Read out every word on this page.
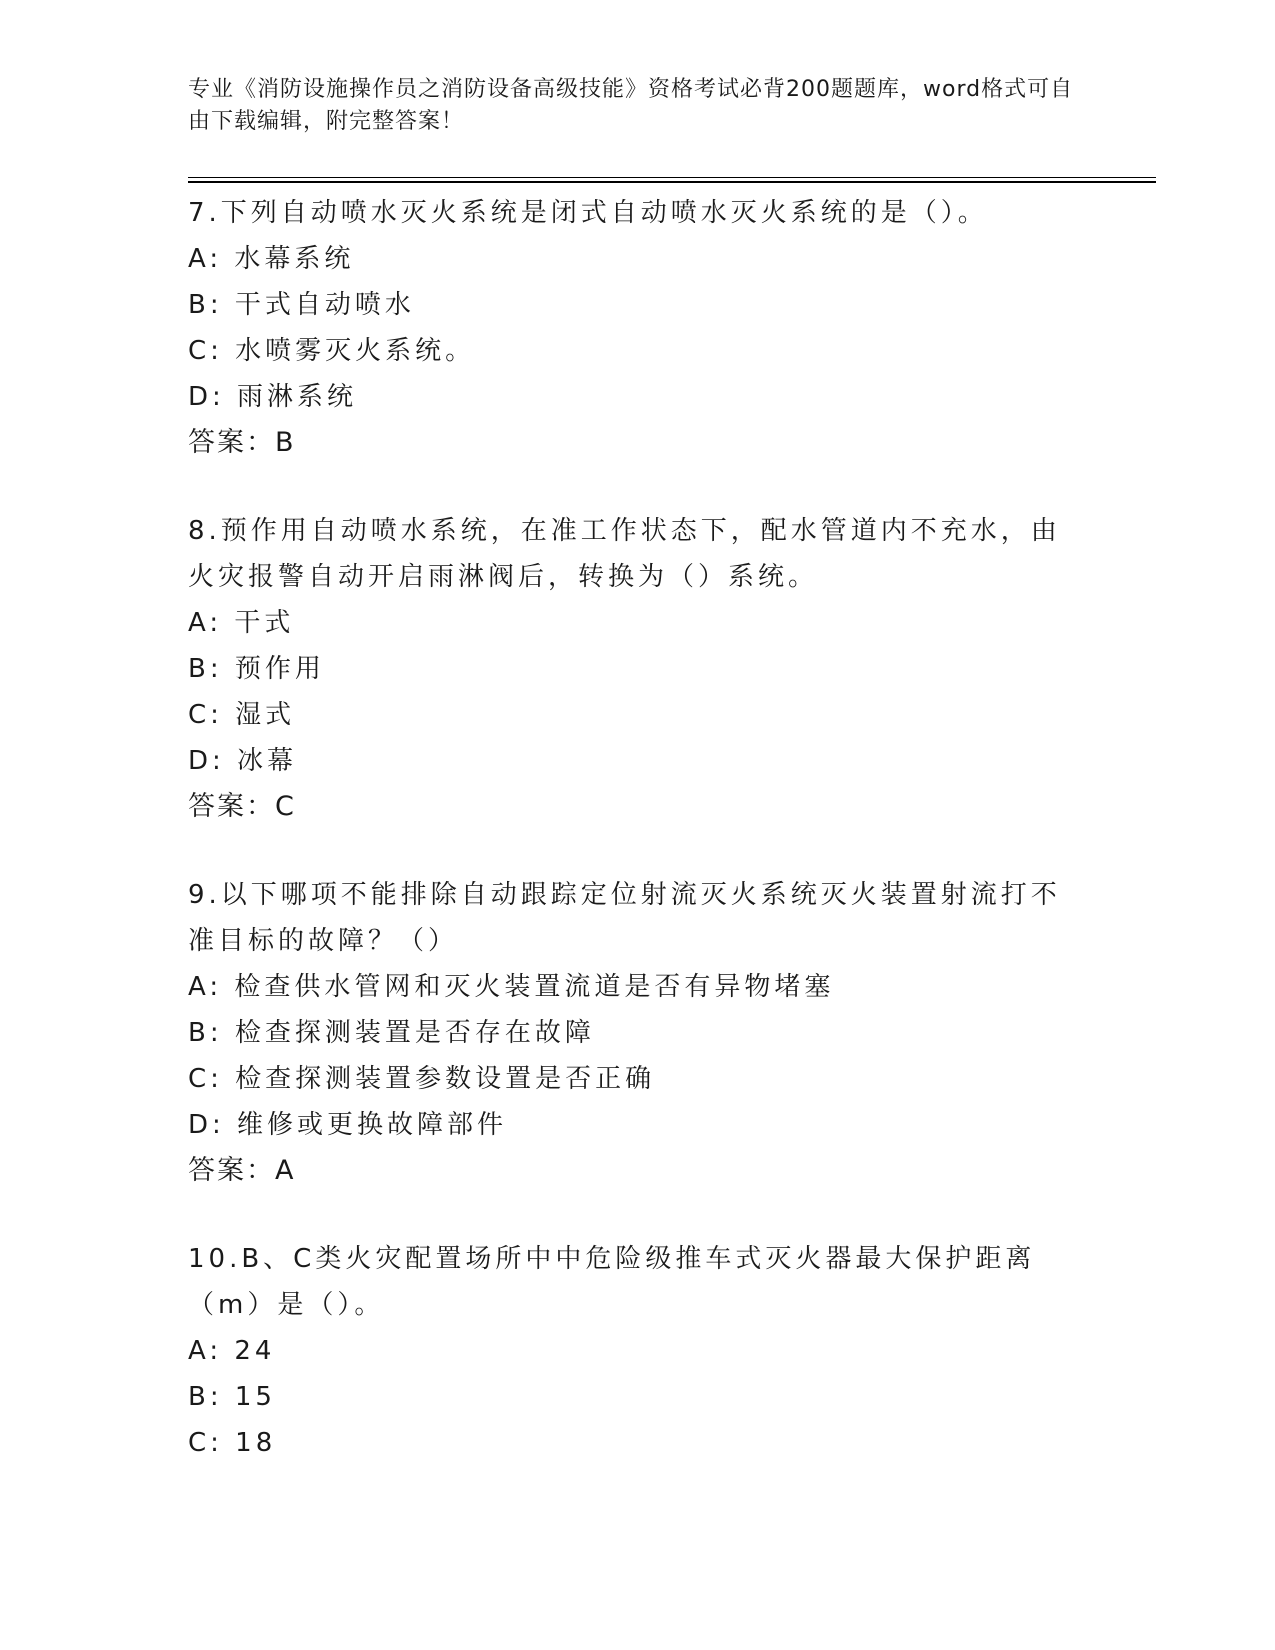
专业《消防设施操作员之消防设备高级技能》资格考试必背200题题库，word格式可自由下载编辑，附完整答案！
7.下列自动喷水灭火系统是闭式自动喷水灭火系统的是（）。
A: 水幕系统
B: 干式自动喷水
C: 水喷雾灭火系统。
D: 雨淋系统
答案：B
8.预作用自动喷水系统，在准工作状态下，配水管道内不充水，由火灾报警自动开启雨淋阀后，转换为（）系统。
A: 干式
B: 预作用
C: 湿式
D: 冰幕
答案：C
9.以下哪项不能排除自动跟踪定位射流灭火系统灭火装置射流打不准目标的故障？（）
A: 检查供水管网和灭火装置流道是否有异物堵塞
B: 检查探测装置是否存在故障
C: 检查探测装置参数设置是否正确
D: 维修或更换故障部件
答案：A
10.B、C类火灾配置场所中中危险级推车式灭火器最大保护距离（m）是（）。
A: 24
B: 15
C: 18
